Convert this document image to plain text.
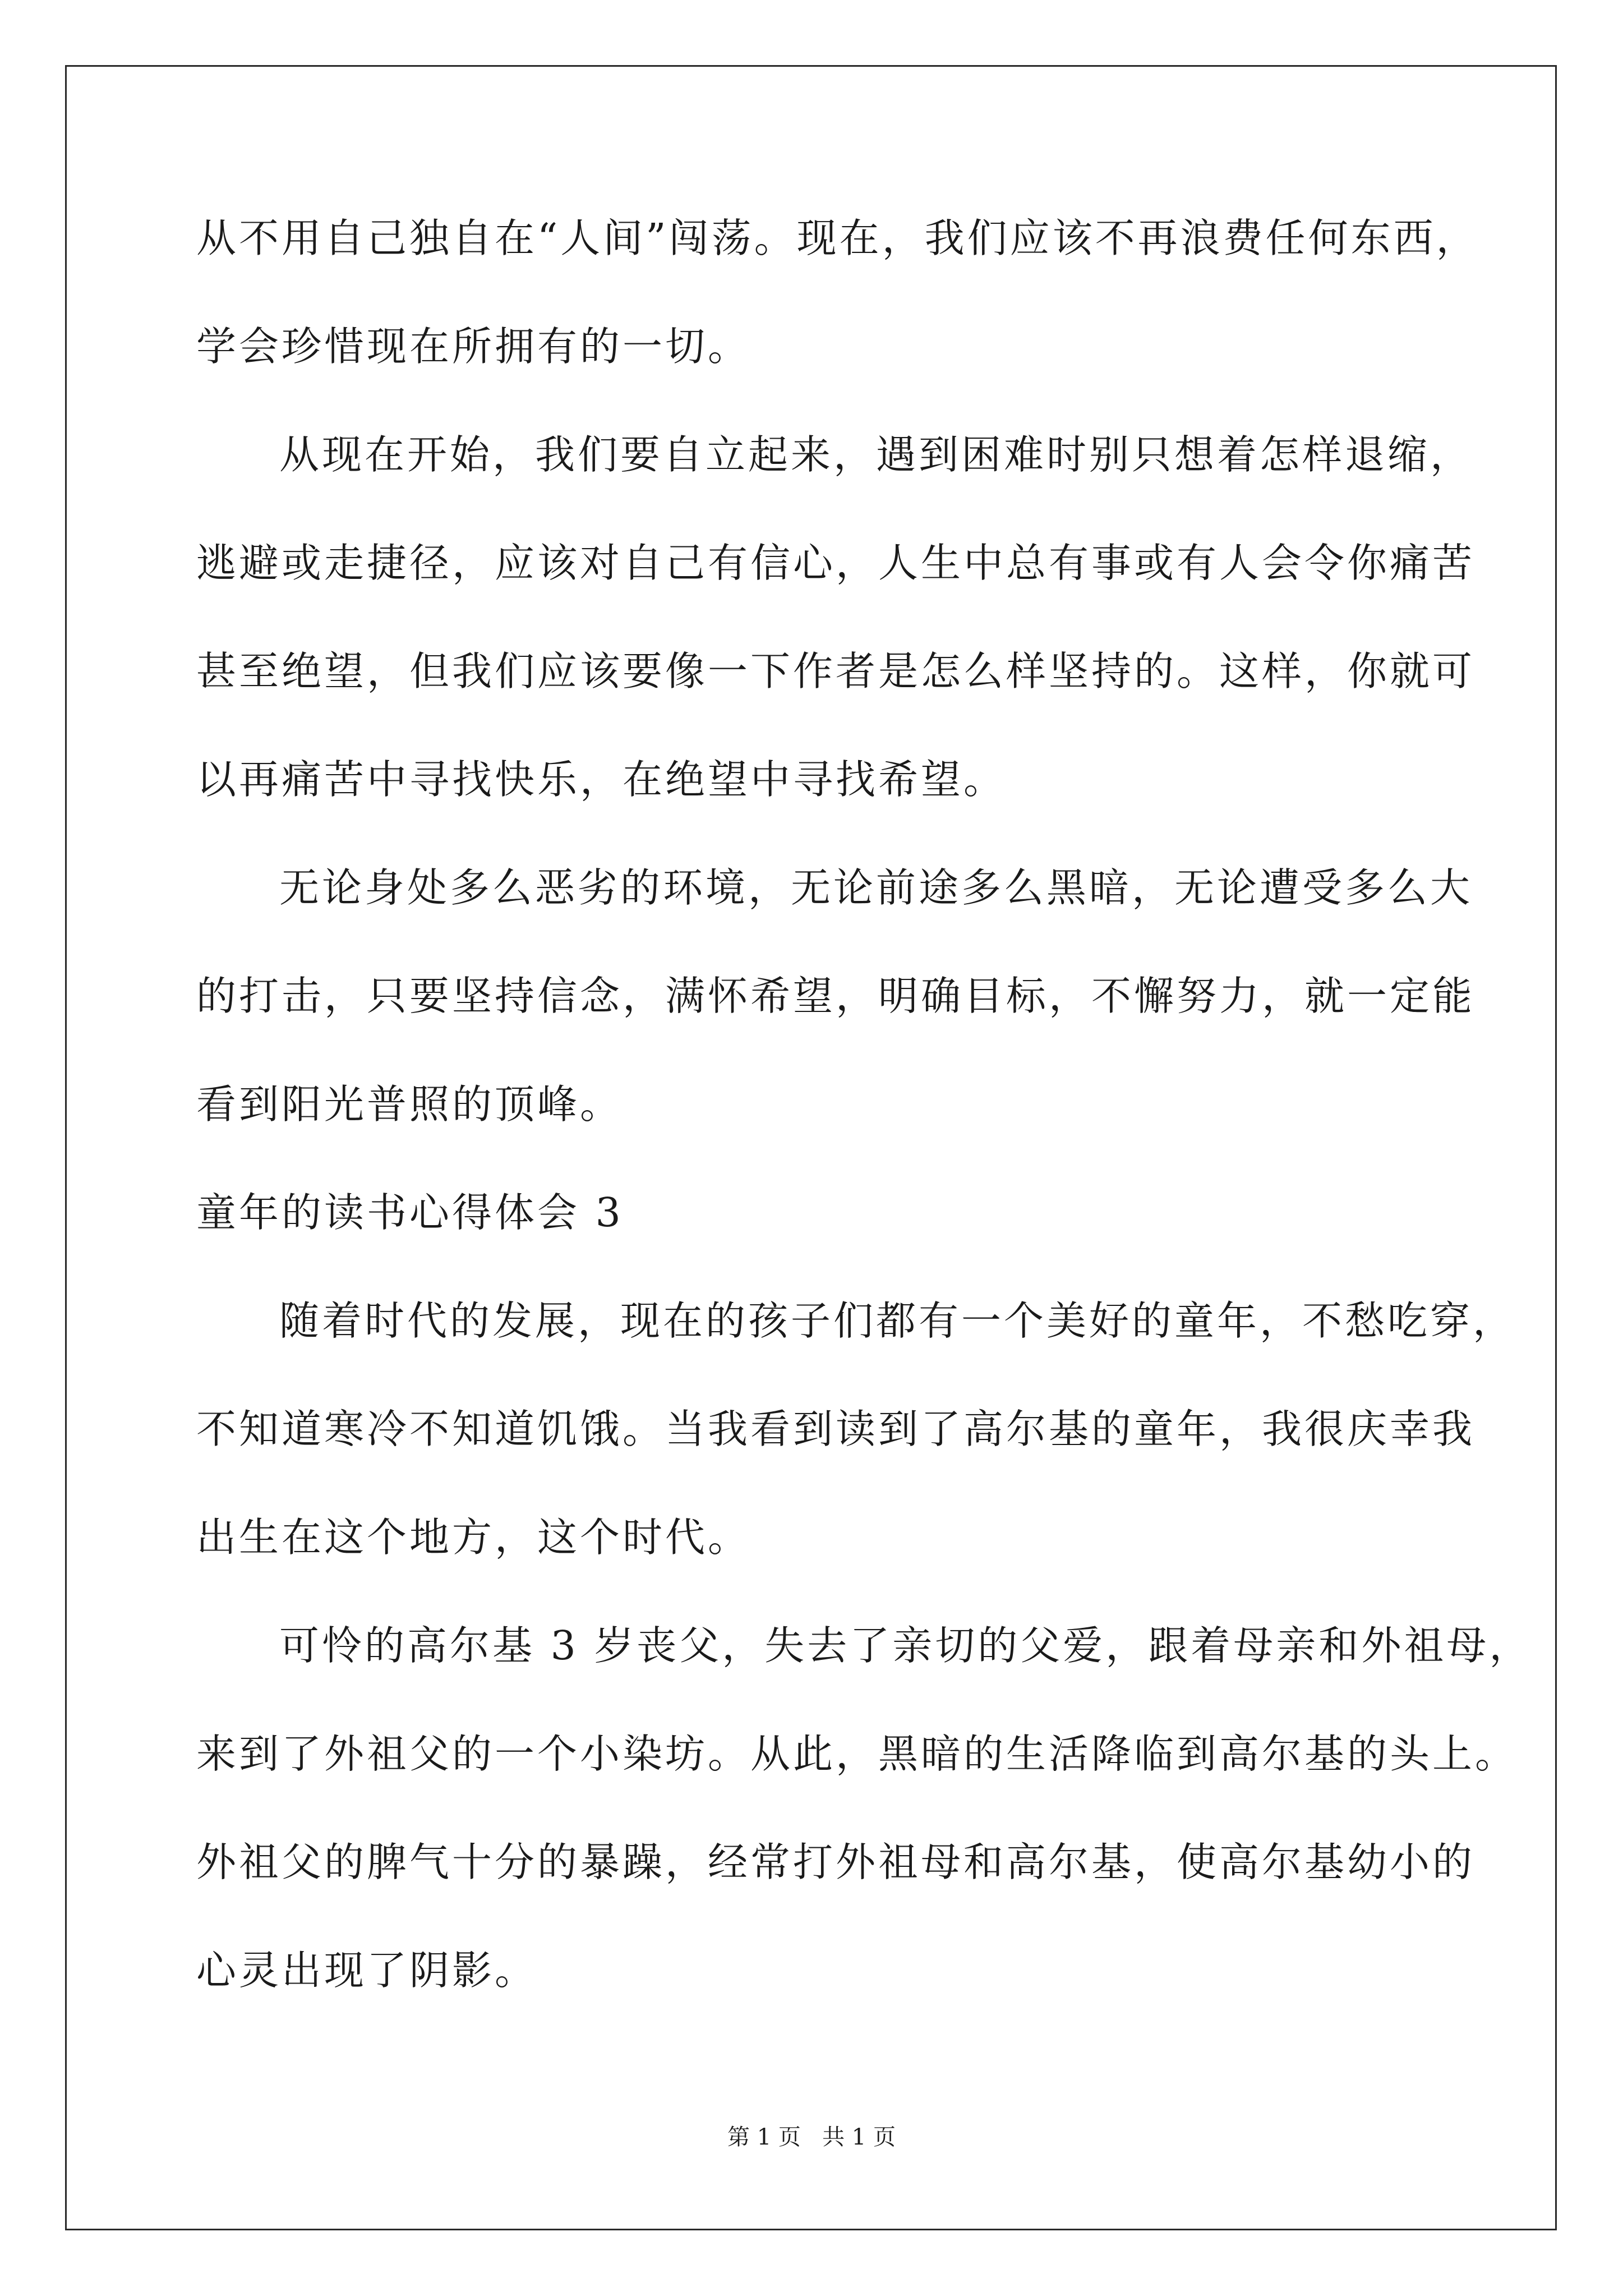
从不用自己独自在“人间”闯荡。现在，我们应该不再浪费任何东西，
学会珍惜现在所拥有的一切。
从现在开始，我们要自立起来，遇到困难时别只想着怎样退缩，
逃避或走捷径，应该对自己有信心，人生中总有事或有人会令你痛苦
甚至绝望，但我们应该要像一下作者是怎么样坚持的。这样，你就可
以再痛苦中寻找快乐，在绝望中寻找希望。
无论身处多么恶劣的环境，无论前途多么黑暗，无论遭受多么大
的打击，只要坚持信念，满怀希望，明确目标，不懈努力，就一定能
看到阳光普照的顶峰。
童年的读书心得体会 3
随着时代的发展，现在的孩子们都有一个美好的童年，不愁吃穿，
不知道寒冷不知道饥饿。当我看到读到了高尔基的童年，我很庆幸我
出生在这个地方，这个时代。
可怜的高尔基 3 岁丧父，失去了亲切的父爱，跟着母亲和外祖母，
来到了外祖父的一个小染坊。从此，黑暗的生活降临到高尔基的头上。
外祖父的脾气十分的暴躁，经常打外祖母和高尔基，使高尔基幼小的
心灵出现了阴影。
第 1 页   共 1 页
